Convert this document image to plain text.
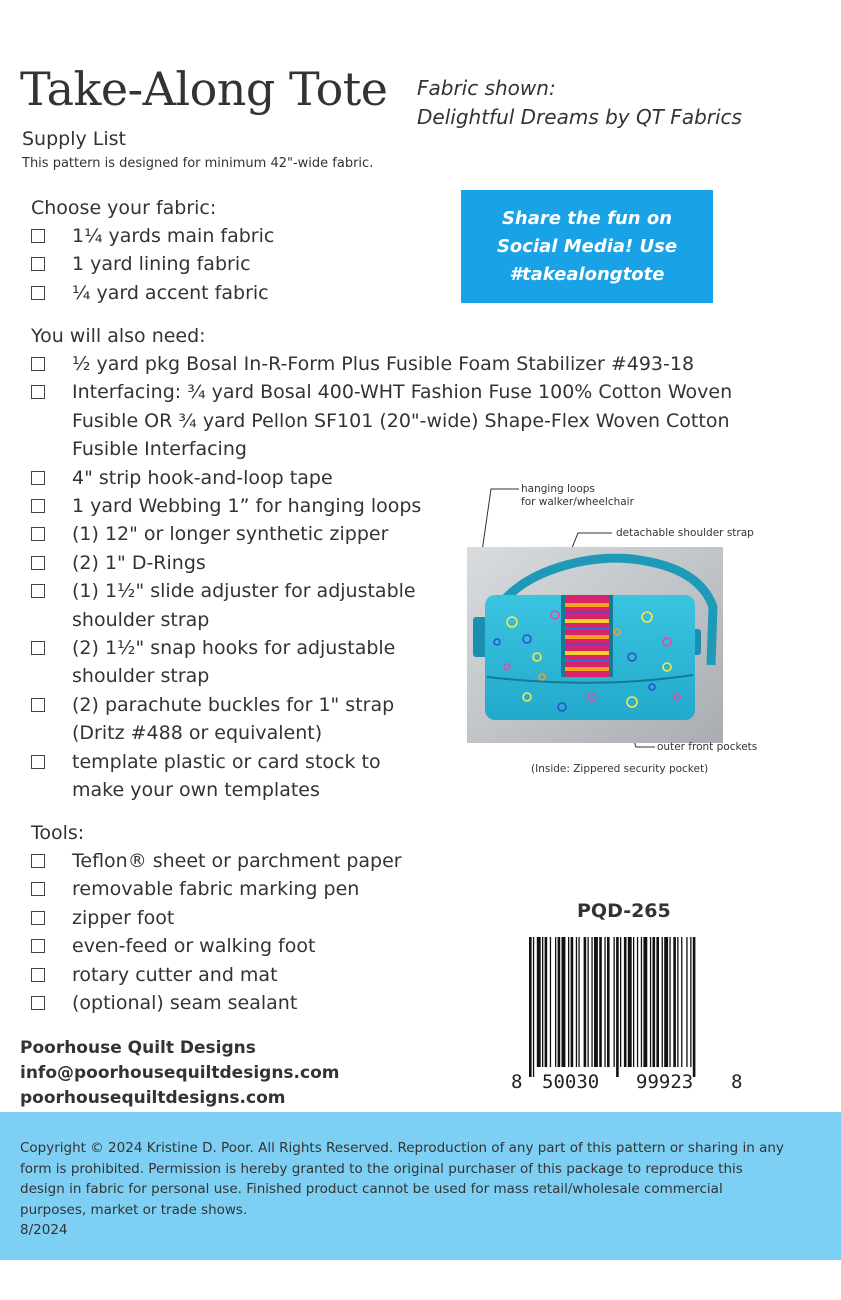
Take-Along Tote
Supply List
This pattern is designed for minimum 42"-wide fabric.
Fabric shown:
Delightful Dreams by QT Fabrics
Share the fun on
Social Media! Use
#takealongtote
Choose your fabric:
1¼ yards main fabric
1 yard lining fabric
¼ yard accent fabric
You will also need:
½ yard pkg Bosal In-R-Form Plus Fusible Foam Stabilizer #493-18
Interfacing: ¾ yard Bosal 400-WHT Fashion Fuse 100% Cotton Woven
Fusible OR ¾ yard Pellon SF101 (20"-wide) Shape-Flex Woven Cotton
Fusible Interfacing
4" strip hook-and-loop tape
1 yard Webbing 1” for hanging loops
(1) 12" or longer synthetic zipper
(2) 1" D-Rings
(1) 1½" slide adjuster for adjustable
shoulder strap
(2) 1½" snap hooks for adjustable
shoulder strap
(2) parachute buckles for 1" strap
(Dritz #488 or equivalent)
template plastic or card stock to
make your own templates
Tools:
Teflon® sheet or parchment paper
removable fabric marking pen
zipper foot
even-feed or walking foot
rotary cutter and mat
(optional) seam sealant
hanging loops
for walker/wheelchair
detachable shoulder strap
outer front pockets
(Inside: Zippered security pocket)
PQD-265
8 50030 99923 8
Poorhouse Quilt Designs
info@poorhousequiltdesigns.com
poorhousequiltdesigns.com

Copyright © 2024 Kristine D. Poor. All Rights Reserved. Reproduction of any part of this pattern or sharing in any form is prohibited. Permission is hereby granted to the original purchaser of this package to reproduce this design in fabric for personal use. Finished product cannot be used for mass retail/wholesale commercial purposes, market or trade shows.

8/2024
